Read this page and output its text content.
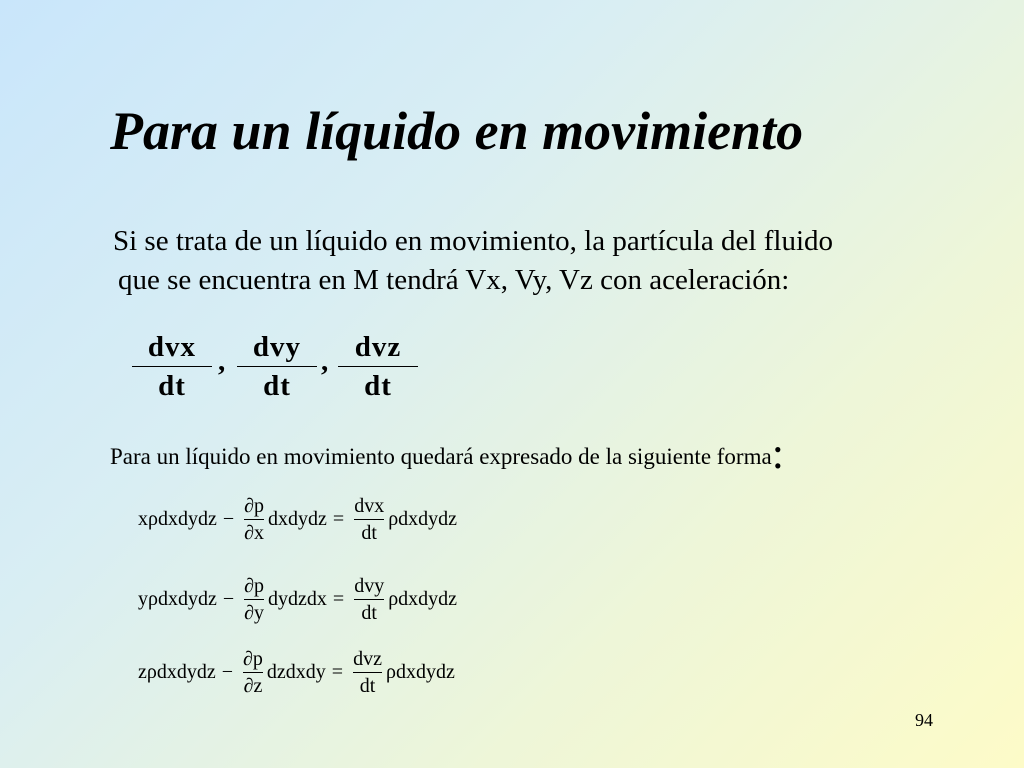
Para un líquido en movimiento
Si se trata de un líquido en movimiento, la partícula del fluido
que se encuentra en M tendrá Vx, Vy, Vz con aceleración:
dvx
dt
, dvy
dt
, dvz
dt
Para un líquido en movimiento quedará expresado de la siguiente forma:
xρdxdydz −
∂p
∂x
dxdydz =
dvx
dt
ρdxdydz
yρdxdydz −
∂p
∂y
dydzdx =
dvy
dt
ρdxdydz
zρdxdydz −
∂p
∂z
dzdxdy =
dvz
dt
ρdxdydz
94
